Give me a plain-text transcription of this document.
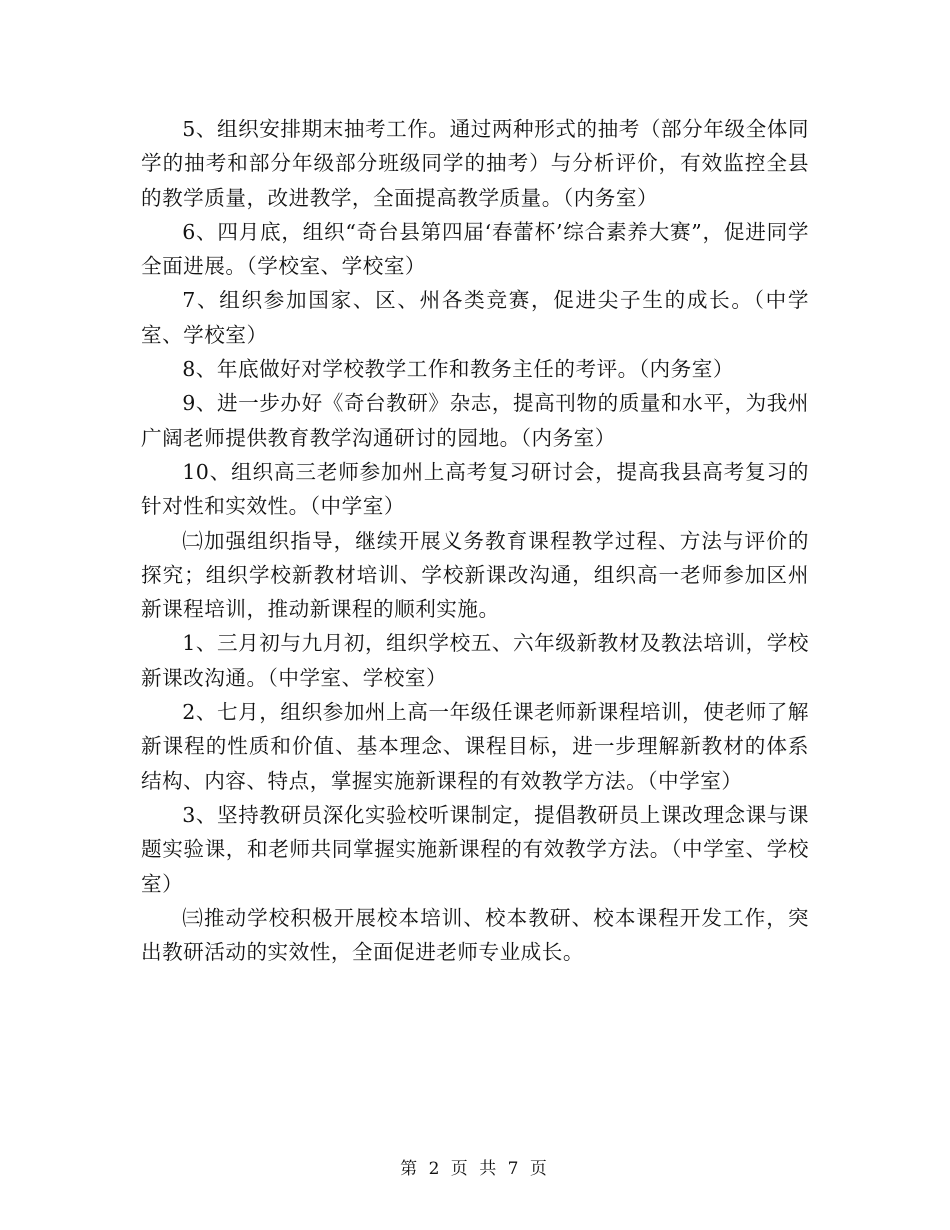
5、组织安排期末抽考工作。通过两种形式的抽考（部分年级全体同学的抽考和部分年级部分班级同学的抽考）与分析评价，有效监控全县的教学质量，改进教学，全面提高教学质量。（内务室）

6、四月底，组织“奇台县第四届‘春蕾杯’综合素养大赛”，促进同学全面进展。（学校室、学校室）

7、组织参加国家、区、州各类竞赛，促进尖子生的成长。（中学室、学校室）

8、年底做好对学校教学工作和教务主任的考评。（内务室）

9、进一步办好《奇台教研》杂志，提高刊物的质量和水平，为我州广阔老师提供教育教学沟通研讨的园地。（内务室）

10、组织高三老师参加州上高考复习研讨会，提高我县高考复习的针对性和实效性。（中学室）

㈡加强组织指导，继续开展义务教育课程教学过程、方法与评价的探究；组织学校新教材培训、学校新课改沟通，组织高一老师参加区州新课程培训，推动新课程的顺利实施。

1、三月初与九月初，组织学校五、六年级新教材及教法培训，学校新课改沟通。（中学室、学校室）

2、七月，组织参加州上高一年级任课老师新课程培训，使老师了解新课程的性质和价值、基本理念、课程目标，进一步理解新教材的体系结构、内容、特点，掌握实施新课程的有效教学方法。（中学室）

3、坚持教研员深化实验校听课制定，提倡教研员上课改理念课与课题实验课，和老师共同掌握实施新课程的有效教学方法。（中学室、学校室）

㈢推动学校积极开展校本培训、校本教研、校本课程开发工作，突出教研活动的实效性，全面促进老师专业成长。

第 2 页 共 7 页
